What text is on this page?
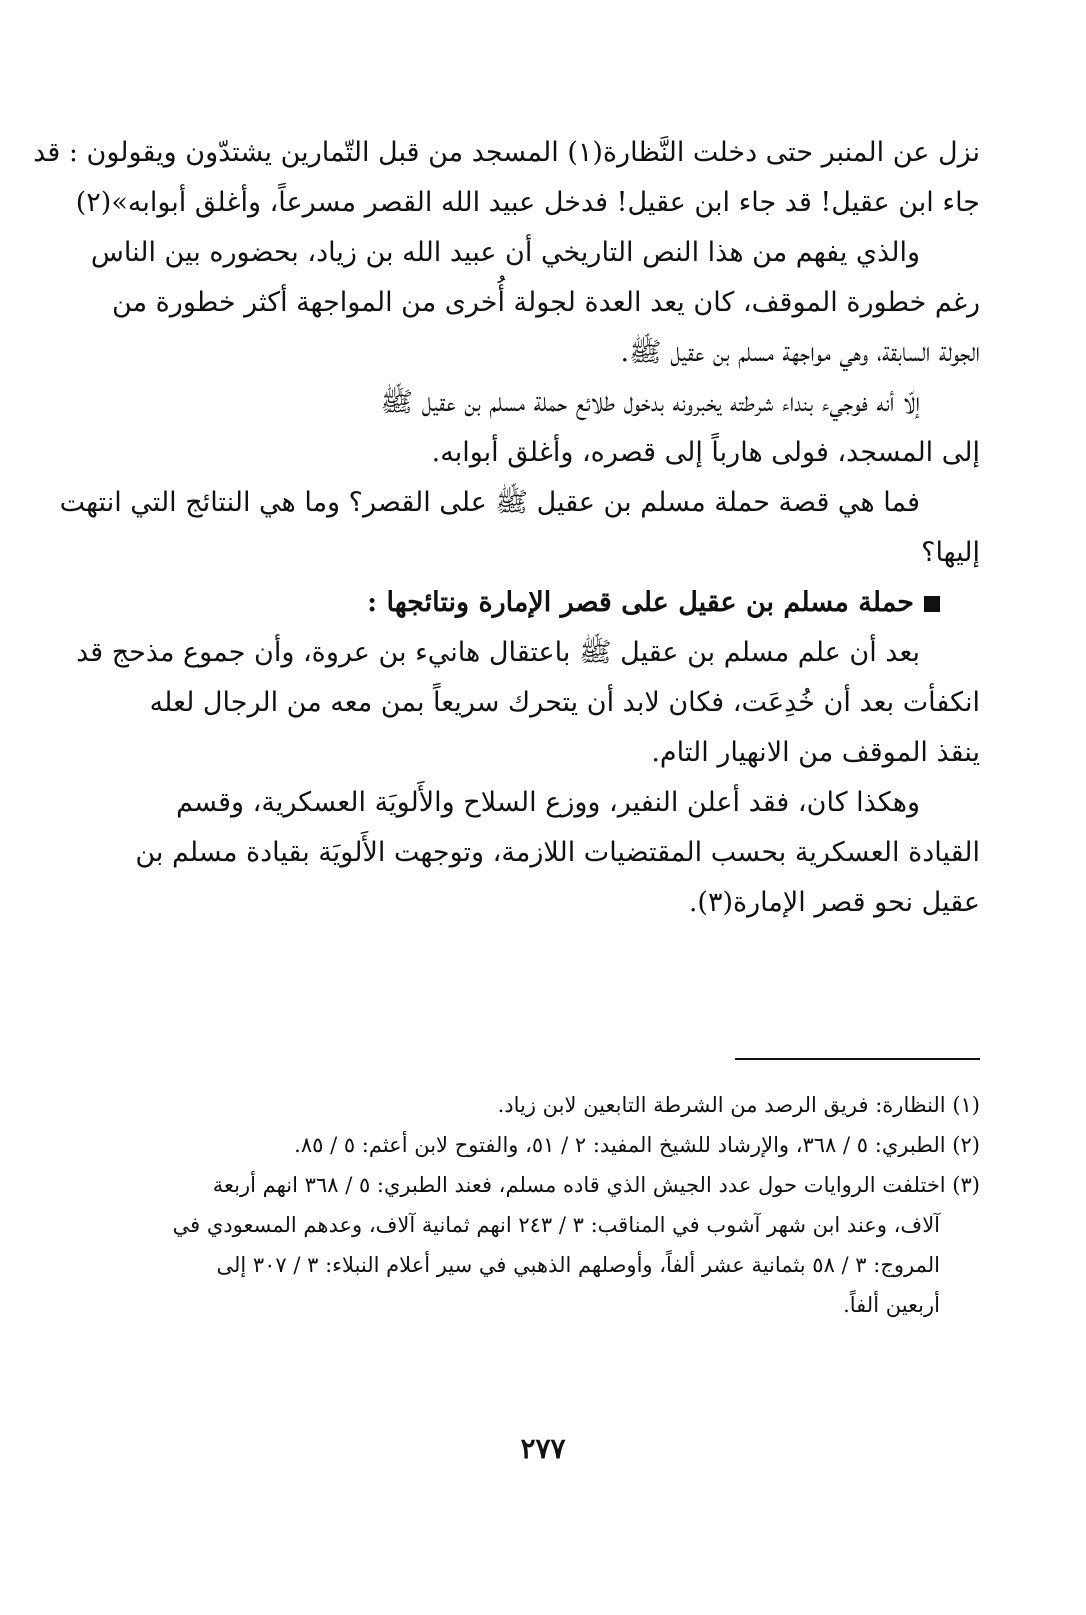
نزل عن المنبر حتى دخلت النَّظارة(١) المسجد من قبل التّمارين يشتدّون ويقولون : قد

جاء ابن عقيل! قد جاء ابن عقيل! فدخل عبيد الله القصر مسرعاً، وأغلق أبوابه»(٢)

والذي يفهم من هذا النص التاريخي أن عبيد الله بن زياد، بحضوره بين الناس

رغم خطورة الموقف، كان يعد العدة لجولة أُخرى من المواجهة أكثر خطورة من

الجولة السابقة، وهي مواجهة مسلم بن عقيل ﷺ.

إلّا أنه فوجيء بنداء شرطته يخبرونه بدخول طلائع حملة مسلم بن عقيل ﷺ

إلى المسجد، فولى هارباً إلى قصره، وأغلق أبوابه.

فما هي قصة حملة مسلم بن عقيل ﷺ على القصر؟ وما هي النتائج التي انتهت

إليها؟

حملة مسلم بن عقيل على قصر الإمارة ونتائجها :

بعد أن علم مسلم بن عقيل ﷺ باعتقال هانيء بن عروة، وأن جموع مذحج قد

انكفأت بعد أن خُدِعَت، فكان لابد أن يتحرك سريعاً بمن معه من الرجال لعله

ينقذ الموقف من الانهيار التام.

وهكذا كان، فقد أعلن النفير، ووزع السلاح والأَلويَة العسكرية، وقسم

القيادة العسكرية بحسب المقتضيات اللازمة، وتوجهت الأَلويَة بقيادة مسلم بن

عقيل نحو قصر الإمارة(٣).

(١) النظارة: فريق الرصد من الشرطة التابعين لابن زياد.

(٢) الطبري: ٥ / ٣٦٨، والإرشاد للشيخ المفيد: ٢ / ٥١، والفتوح لابن أعثم: ٥ / ٨٥.

(٣) اختلفت الروايات حول عدد الجيش الذي قاده مسلم، فعند الطبري: ٥ / ٣٦٨ انهم أربعة

آلاف، وعند ابن شهر آشوب في المناقب: ٣ / ٢٤٣ انهم ثمانية آلاف، وعدهم المسعودي في

المروج: ٣ / ٥٨ بثمانية عشر ألفاً، وأوصلهم الذهبي في سير أعلام النبلاء: ٣ / ٣٠٧ إلى

أربعين ألفاً.

٢٧٧
